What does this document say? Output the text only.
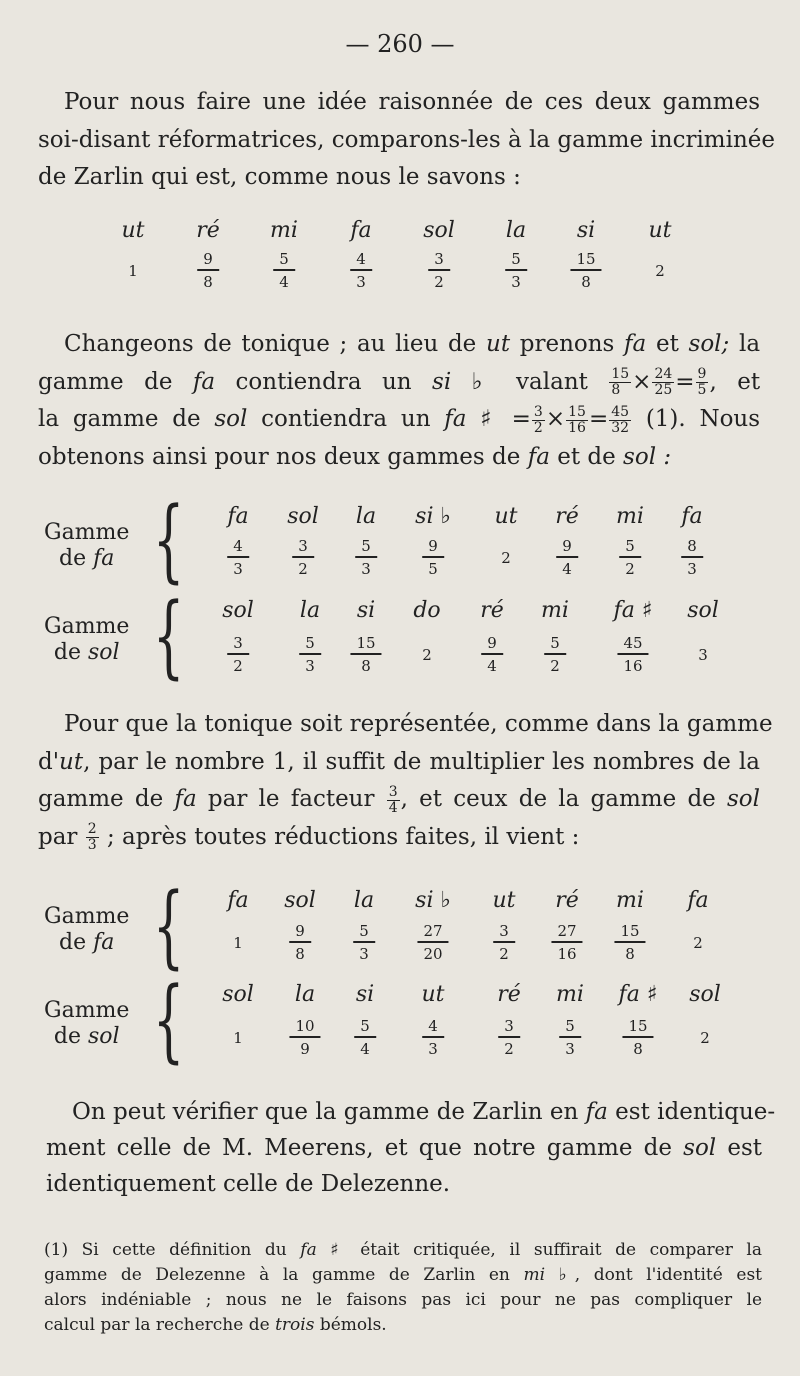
— 260 —
Pour nous faire une idée raisonnée de ces deux gammes
soi-disant réformatrices, comparons-les à la gamme incriminée
de Zarlin qui est, comme nous le savons :
ut ré mi fa sol la si ut
1
9
8
5
4
4
3
3
2
5
3
15
8
2
Changeons de tonique ; au lieu de ut prenons fa et sol; la
gamme de fa contiendra un si ♭ valant $\frac{15}{8} \times \frac{24}{25} = \frac{9}{5}$ , et
la gamme de sol contiendra un fa ♯ = $\frac{3}{2} \times \frac{15}{16} = \frac{45}{32} (1)$. Nous
obtenons ainsi pour nos deux gammes de fa et de sol :
Gamme
de fa { fa sol la si ♭ ut ré mi fa
4
3
3
2
5
3
9
5
2
9
4
5
2
8
3
Gamme
de sol { sol la si do ré mi fa ♯ sol
3
2
5
3
15
8
2
9
4
5
2
45
16
3
Pour que la tonique soit représentée, comme dans la gamme
d'ut, par le nombre 1, il suffit de multiplier les nombres de la
gamme de fa par le facteur $\frac{3}{4}$ , et ceux de la gamme de sol
par $\frac{2}{3}$ ; après toutes réductions faites, il vient :
Gamme
de fa { fa sol la si ♭ ut ré mi fa
1
9
8
5
3
27
20
3
2
27
16
15
8
2
Gamme
de sol { sol la si ut ré mi fa ♯ sol
1
10
9
5
4
4
3
3
2
5
3
15
8
2
On peut vérifier que la gamme de Zarlin en fa est identique-
ment celle de M. Meerens, et que notre gamme de sol est
identiquement celle de Delezenne.
(1) Si cette définition du fa ♯ était critiquée, il suffirait de comparer la
gamme de Delezenne à la gamme de Zarlin en mi ♭, dont l'identité est
alors indéniable ; nous ne le faisons pas ici pour ne pas compliquer le
calcul par la recherche de trois bémols.
